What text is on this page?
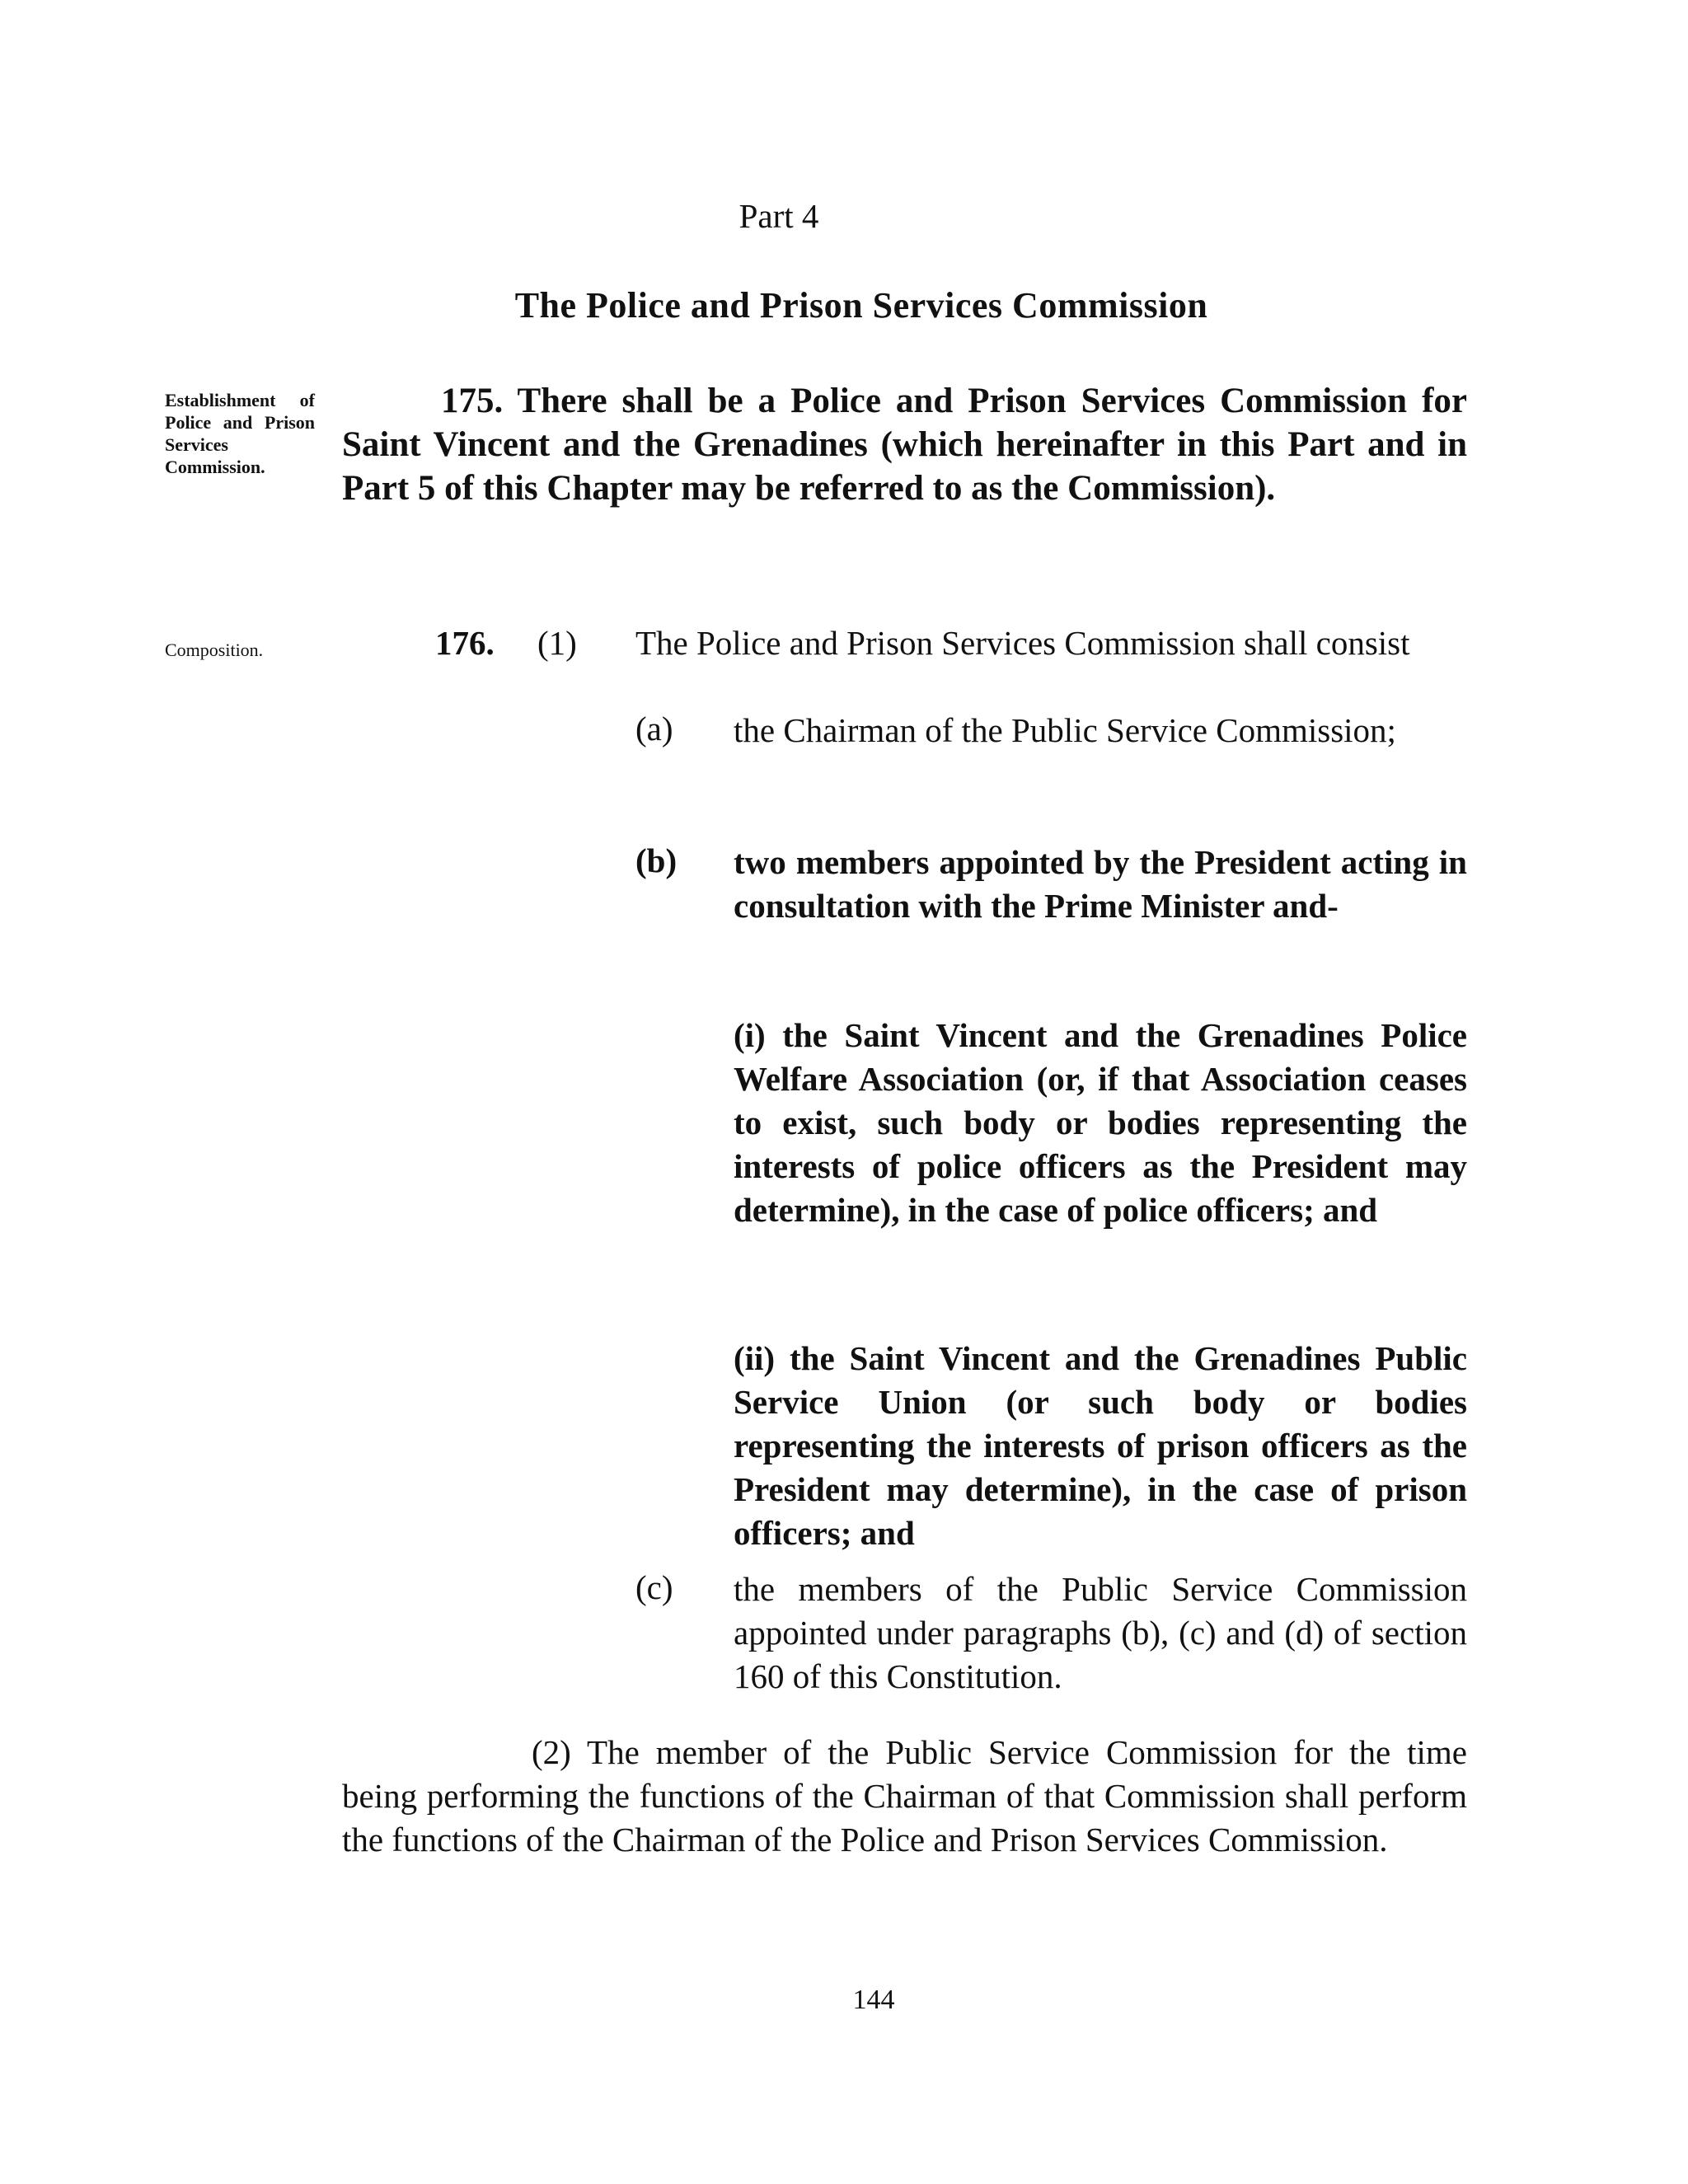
Part 4
The Police and Prison Services Commission
Establishment of Police and Prison Services Commission.
175. There shall be a Police and Prison Services Commission for Saint Vincent and the Grenadines (which hereinafter in this Part and in Part 5 of this Chapter may be referred to as the Commission).
Composition.	176. (1) The Police and Prison Services Commission shall consist
(a) the Chairman of the Public Service Commission;
(b) two members appointed by the President acting in consultation with the Prime Minister and-
(i) the Saint Vincent and the Grenadines Police Welfare Association (or, if that Association ceases to exist, such body or bodies representing the interests of police officers as the President may determine), in the case of police officers; and
(ii) the Saint Vincent and the Grenadines Public Service Union (or such body or bodies representing the interests of prison officers as the President may determine), in the case of prison officers; and
(c) the members of the Public Service Commission appointed under paragraphs (b), (c) and (d) of section 160 of this Constitution.
(2) The member of the Public Service Commission for the time being performing the functions of the Chairman of that Commission shall perform the functions of the Chairman of the Police and Prison Services Commission.
144
